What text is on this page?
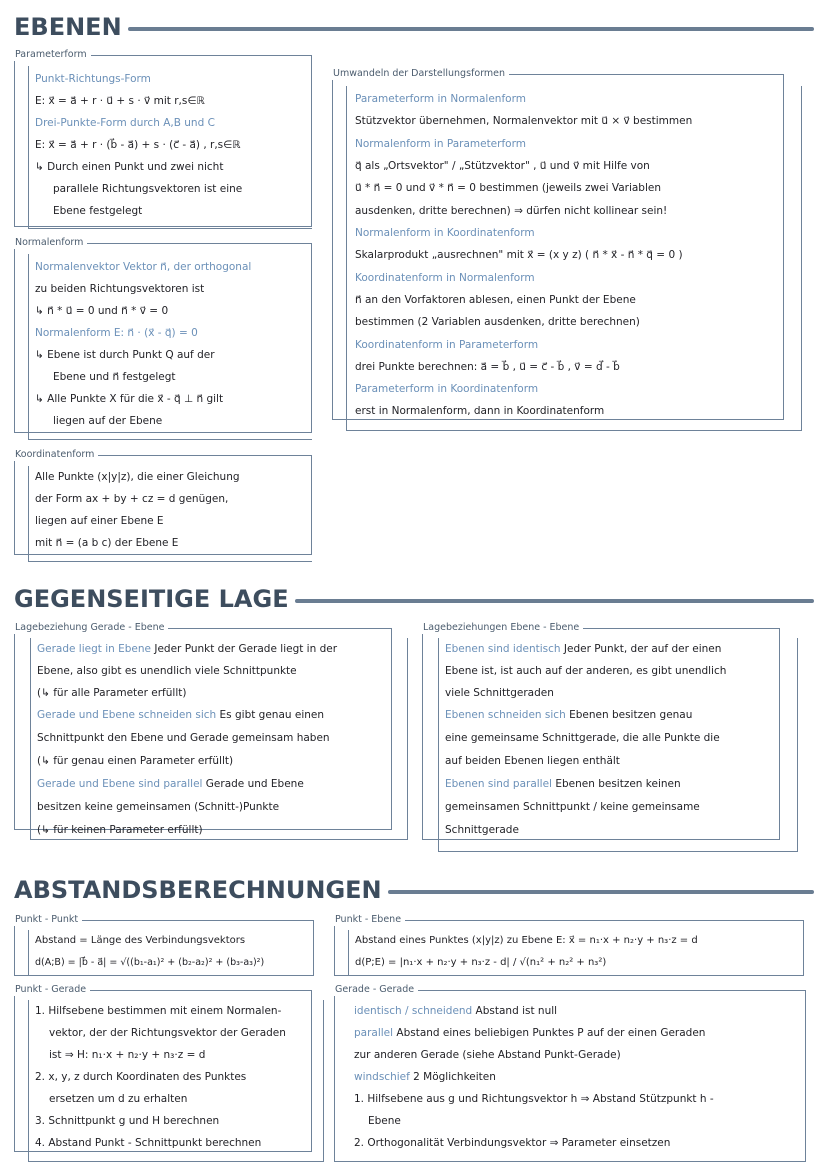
EBENEN
Parameterform
Punkt-Richtungs-Form
E: x⃗ = a⃗ + r · u⃗ + s · v⃗ mit r,s∈ℝ
Drei-Punkte-Form durch A,B und C
E: x⃗ = a⃗ + r · (b⃗ - a⃗) + s · (c⃗ - a⃗) , r,s∈ℝ
↳ Durch einen Punkt und zwei nicht
parallele Richtungsvektoren ist eine
Ebene festgelegt
Normalenform
Normalenvektor Vektor n⃗, der orthogonal
zu beiden Richtungsvektoren ist
↳ n⃗ * u⃗ = 0 und n⃗ * v⃗ = 0
Normalenform E: n⃗ · (x⃗ - q⃗) = 0
↳ Ebene ist durch Punkt Q auf der
Ebene und n⃗ festgelegt
↳ Alle Punkte X für die x⃗ - q⃗ ⊥ n⃗ gilt
liegen auf der Ebene
Koordinatenform
Alle Punkte (x|y|z), die einer Gleichung
der Form ax + by + cz = d genügen,
liegen auf einer Ebene E
mit n⃗ = (a b c) der Ebene E
Umwandeln der Darstellungsformen
Parameterform in Normalenform
Stützvektor übernehmen, Normalenvektor mit u⃗ × v⃗ bestimmen
Normalenform in Parameterform
q⃗ als „Ortsvektor" / „Stützvektor" , u⃗ und v⃗ mit Hilfe von
u⃗ * n⃗ = 0 und v⃗ * n⃗ = 0 bestimmen (jeweils zwei Variablen
ausdenken, dritte berechnen) ⇒ dürfen nicht kollinear sein!
Normalenform in Koordinatenform
Skalarprodukt „ausrechnen" mit x⃗ = (x y z) ( n⃗ * x⃗ - n⃗ * q⃗ = 0 )
Koordinatenform in Normalenform
n⃗ an den Vorfaktoren ablesen, einen Punkt der Ebene
bestimmen (2 Variablen ausdenken, dritte berechnen)
Koordinatenform in Parameterform
drei Punkte berechnen: a⃗ = b⃗ , u⃗ = c⃗ - b⃗ , v⃗ = d⃗ - b⃗
Parameterform in Koordinatenform
erst in Normalenform, dann in Koordinatenform
GEGENSEITIGE LAGE
Lagebeziehung Gerade - Ebene
Gerade liegt in Ebene Jeder Punkt der Gerade liegt in der
Ebene, also gibt es unendlich viele Schnittpunkte
(↳ für alle Parameter erfüllt)
Gerade und Ebene schneiden sich Es gibt genau einen
Schnittpunkt den Ebene und Gerade gemeinsam haben
(↳ für genau einen Parameter erfüllt)
Gerade und Ebene sind parallel Gerade und Ebene
besitzen keine gemeinsamen (Schnitt-)Punkte
(↳ für keinen Parameter erfüllt)
Lagebeziehungen Ebene - Ebene
Ebenen sind identisch Jeder Punkt, der auf der einen
Ebene ist, ist auch auf der anderen, es gibt unendlich
viele Schnittgeraden
Ebenen schneiden sich Ebenen besitzen genau
eine gemeinsame Schnittgerade, die alle Punkte die
auf beiden Ebenen liegen enthält
Ebenen sind parallel Ebenen besitzen keinen
gemeinsamen Schnittpunkt / keine gemeinsame
Schnittgerade
ABSTANDSBERECHNUNGEN
Punkt - Punkt
Abstand = Länge des Verbindungsvektors
d(A;B) = |b⃗ - a⃗| = √((b₁-a₁)² + (b₂-a₂)² + (b₃-a₃)²)
Punkt - Ebene
Abstand eines Punktes (x|y|z) zu Ebene E: x⃗ = n₁·x + n₂·y + n₃·z = d
d(P;E) = |n₁·x + n₂·y + n₃·z - d| / √(n₁² + n₂² + n₃²)
Punkt - Gerade
1. Hilfsebene bestimmen mit einem Normalen-
vektor, der der Richtungsvektor der Geraden
ist ⇒ H: n₁·x + n₂·y + n₃·z = d
2. x, y, z durch Koordinaten des Punktes
ersetzen um d zu erhalten
3. Schnittpunkt g und H berechnen
4. Abstand Punkt - Schnittpunkt berechnen
Gerade - Gerade
identisch / schneidend Abstand ist null
parallel Abstand eines beliebigen Punktes P auf der einen Geraden
zur anderen Gerade (siehe Abstand Punkt-Gerade)
windschief 2 Möglichkeiten
1. Hilfsebene aus g und Richtungsvektor h ⇒ Abstand Stützpunkt h -
Ebene
2. Orthogonalität Verbindungsvektor ⇒ Parameter einsetzen
